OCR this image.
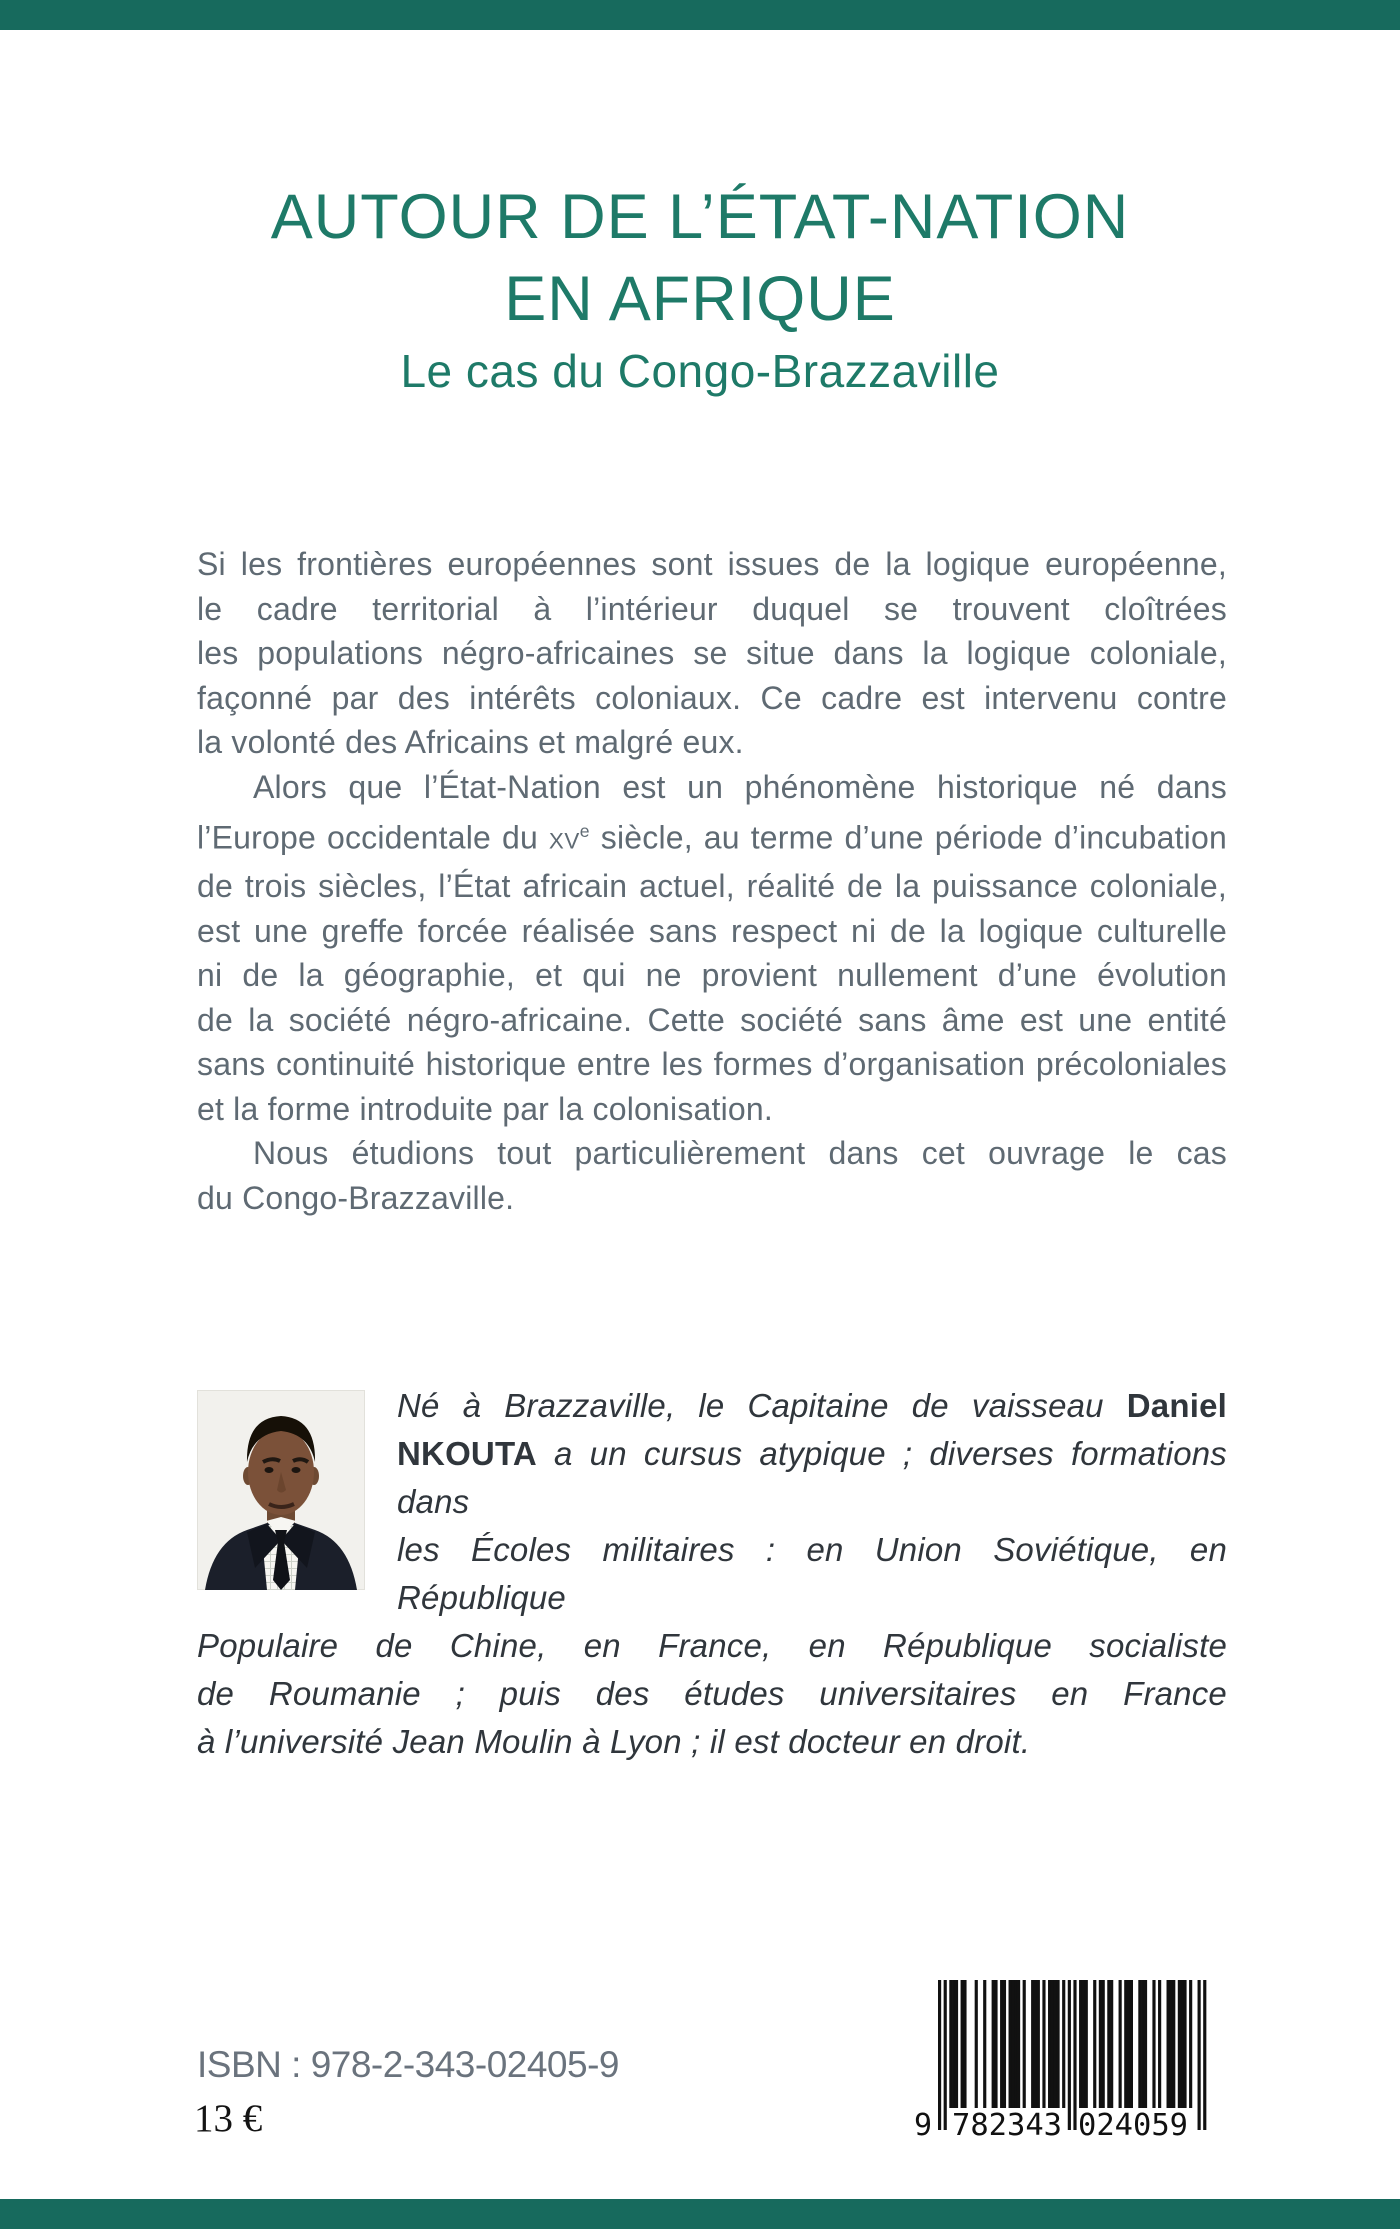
AUTOUR DE L’ÉTAT-NATION
EN AFRIQUE
Le cas du Congo-Brazzaville
Si les frontières européennes sont issues de la logique européenne,
le cadre territorial à l’intérieur duquel se trouvent cloîtrées
les populations négro-africaines se situe dans la logique coloniale,
façonné par des intérêts coloniaux. Ce cadre est intervenu contre
la volonté des Africains et malgré eux.
Alors que l’État-Nation est un phénomène historique né dans
l’Europe occidentale du XVe siècle, au terme d’une période d’incubation
de trois siècles, l’État africain actuel, réalité de la puissance coloniale,
est une greffe forcée réalisée sans respect ni de la logique culturelle
ni de la géographie, et qui ne provient nullement d’une évolution
de la société négro-africaine. Cette société sans âme est une entité
sans continuité historique entre les formes d’organisation précoloniales
et la forme introduite par la colonisation.
Nous étudions tout particulièrement dans cet ouvrage le cas
du Congo-Brazzaville.
Né à Brazzaville, le Capitaine de vaisseau Daniel
NKOUTA a un cursus atypique ; diverses formations dans
les Écoles militaires : en Union Soviétique, en République
Populaire de Chine, en France, en République socialiste
de Roumanie ; puis des études universitaires en France
à l’université Jean Moulin à Lyon ; il est docteur en droit.
ISBN : 978-2-343-02405-9
13 €	9 782343 024059
